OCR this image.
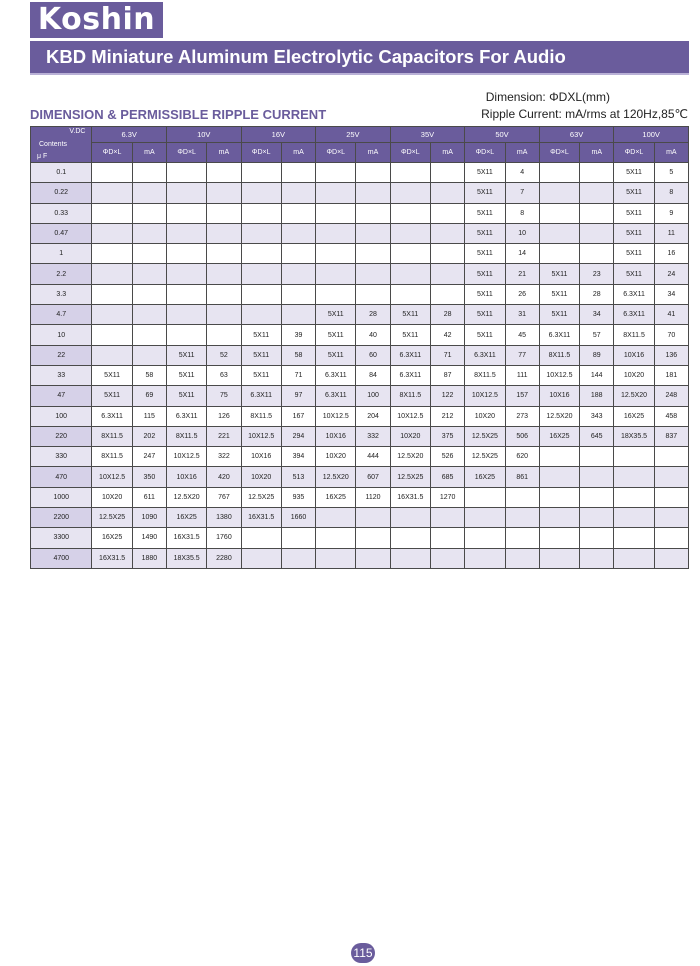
Koshin
KBD Miniature Aluminum Electrolytic Capacitors For Audio
Dimension: ΦDXL(mm)
DIMENSION & PERMISSIBLE RIPPLE CURRENT	Ripple Current: mA/rms at 120Hz,85℃
V.DC
Contents
μ F	6.3V		10V		16V		25V		35V		50V		63V		100V	
	ΦD×L	mA	ΦD×L	mA	ΦD×L	mA	ΦD×L	mA	ΦD×L	mA	ΦD×L	mA	ΦD×L	mA	ΦD×L	mA
0.1											5X11	4			5X11	5
0.22											5X11	7			5X11	8
0.33											5X11	8			5X11	9
0.47											5X11	10			5X11	11
1											5X11	14			5X11	16
2.2											5X11	21	5X11	23	5X11	24
3.3											5X11	26	5X11	28	6.3X11	34
4.7							5X11	28	5X11	28	5X11	31	5X11	34	6.3X11	41
10					5X11	39	5X11	40	5X11	42	5X11	45	6.3X11	57	8X11.5	70
22			5X11	52	5X11	58	5X11	60	6.3X11	71	6.3X11	77	8X11.5	89	10X16	136
33	5X11	58	5X11	63	5X11	71	6.3X11	84	6.3X11	87	8X11.5	111	10X12.5	144	10X20	181
47	5X11	69	5X11	75	6.3X11	97	6.3X11	100	8X11.5	122	10X12.5	157	10X16	188	12.5X20	248
100	6.3X11	115	6.3X11	126	8X11.5	167	10X12.5	204	10X12.5	212	10X20	273	12.5X20	343	16X25	458
220	8X11.5	202	8X11.5	221	10X12.5	294	10X16	332	10X20	375	12.5X25	506	16X25	645	18X35.5	837
330	8X11.5	247	10X12.5	322	10X16	394	10X20	444	12.5X20	526	12.5X25	620				
470	10X12.5	350	10X16	420	10X20	513	12.5X20	607	12.5X25	685	16X25	861				
1000	10X20	611	12.5X20	767	12.5X25	935	16X25	1120	16X31.5	1270						
2200	12.5X25	1090	16X25	1380	16X31.5	1660										
3300	16X25	1490	16X31.5	1760												
4700	16X31.5	1880	18X35.5	2280												
115
